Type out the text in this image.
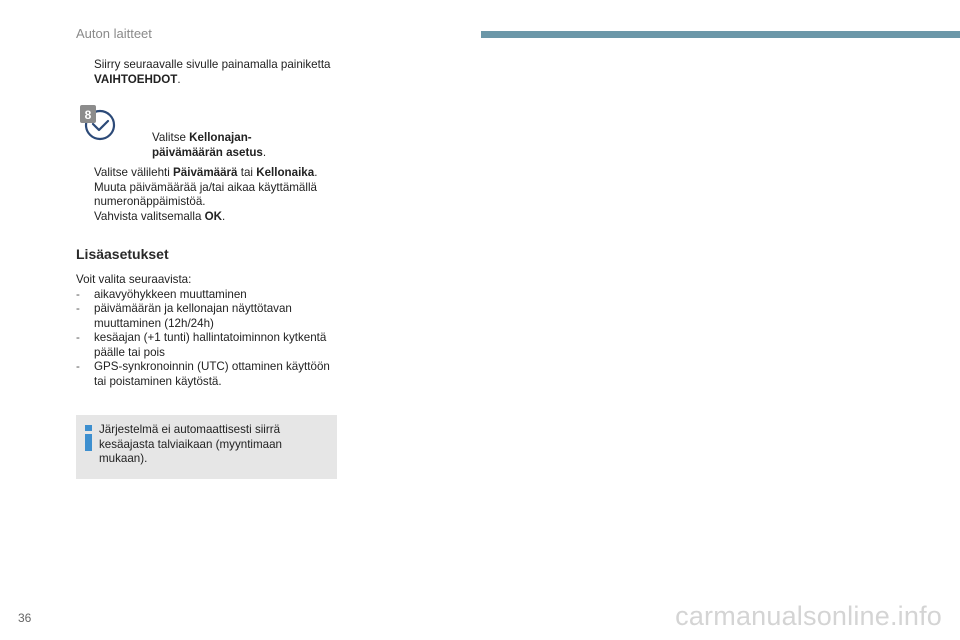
Auton laitteet
Siirry seuraavalle sivulle painamalla painiketta VAIHTOEHDOT.
8
Valitse Kellonajan-päivämäärän asetus.
Valitse välilehti Päivämäärä tai Kellonaika.
Muuta päivämäärää ja/tai aikaa käyttämällä numeronäppäimistöä.
Vahvista valitsemalla OK.
Lisäasetukset
Voit valita seuraavista:
- aikavyöhykkeen muuttaminen
- päivämäärän ja kellonajan näyttötavan muuttaminen (12h/24h)
- kesäajan (+1 tunti) hallintatoiminnon kytkentä päälle tai pois
- GPS-synkronoinnin (UTC) ottaminen käyttöön tai poistaminen käytöstä.
Järjestelmä ei automaattisesti siirrä kesäajasta talviaikaan (myyntimaan mukaan).
36	carmanualsonline.info
